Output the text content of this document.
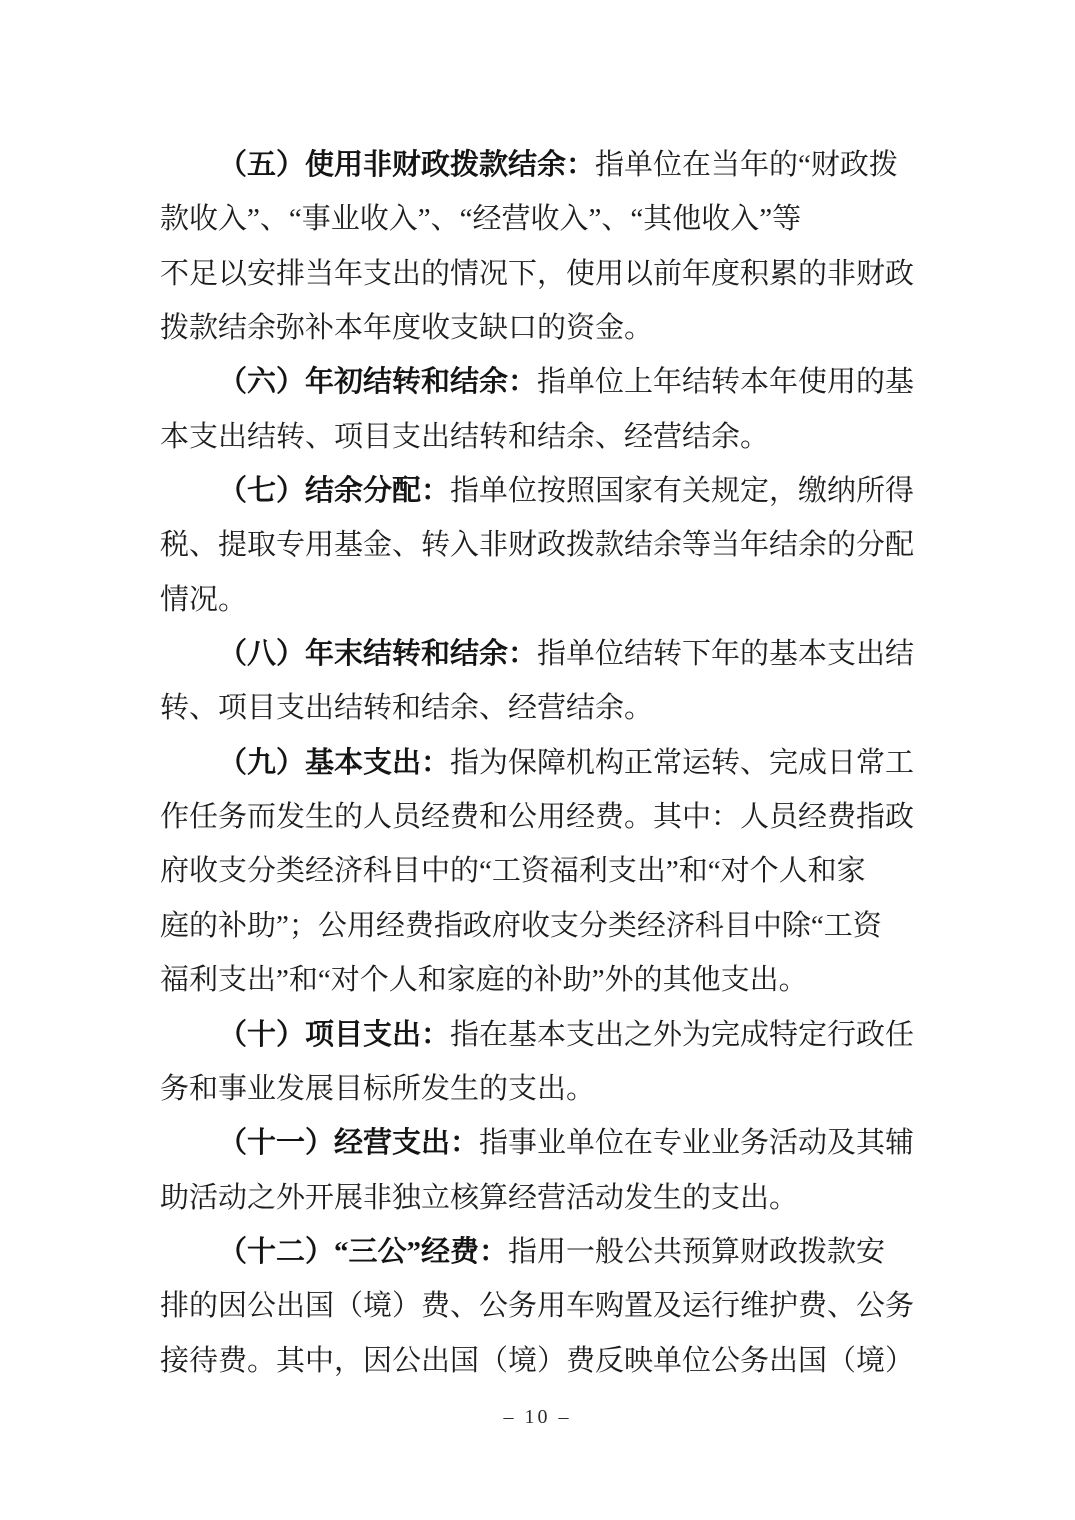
（五）使用非财政拨款结余：指单位在当年的“财政拨
款收入”、“事业收入”、“经营收入”、“其他收入”等
不足以安排当年支出的情况下，使用以前年度积累的非财政
拨款结余弥补本年度收支缺口的资金。
（六）年初结转和结余：指单位上年结转本年使用的基
本支出结转、项目支出结转和结余、经营结余。
（七）结余分配：指单位按照国家有关规定，缴纳所得
税、提取专用基金、转入非财政拨款结余等当年结余的分配
情况。
（八）年末结转和结余：指单位结转下年的基本支出结
转、项目支出结转和结余、经营结余。
（九）基本支出：指为保障机构正常运转、完成日常工
作任务而发生的人员经费和公用经费。其中：人员经费指政
府收支分类经济科目中的“工资福利支出”和“对个人和家
庭的补助”；公用经费指政府收支分类经济科目中除“工资
福利支出”和“对个人和家庭的补助”外的其他支出。
（十）项目支出：指在基本支出之外为完成特定行政任
务和事业发展目标所发生的支出。
（十一）经营支出：指事业单位在专业业务活动及其辅
助活动之外开展非独立核算经营活动发生的支出。
（十二）“三公”经费：指用一般公共预算财政拨款安
排的因公出国（境）费、公务用车购置及运行维护费、公务
接待费。其中，因公出国（境）费反映单位公务出国（境）
– 10 –
